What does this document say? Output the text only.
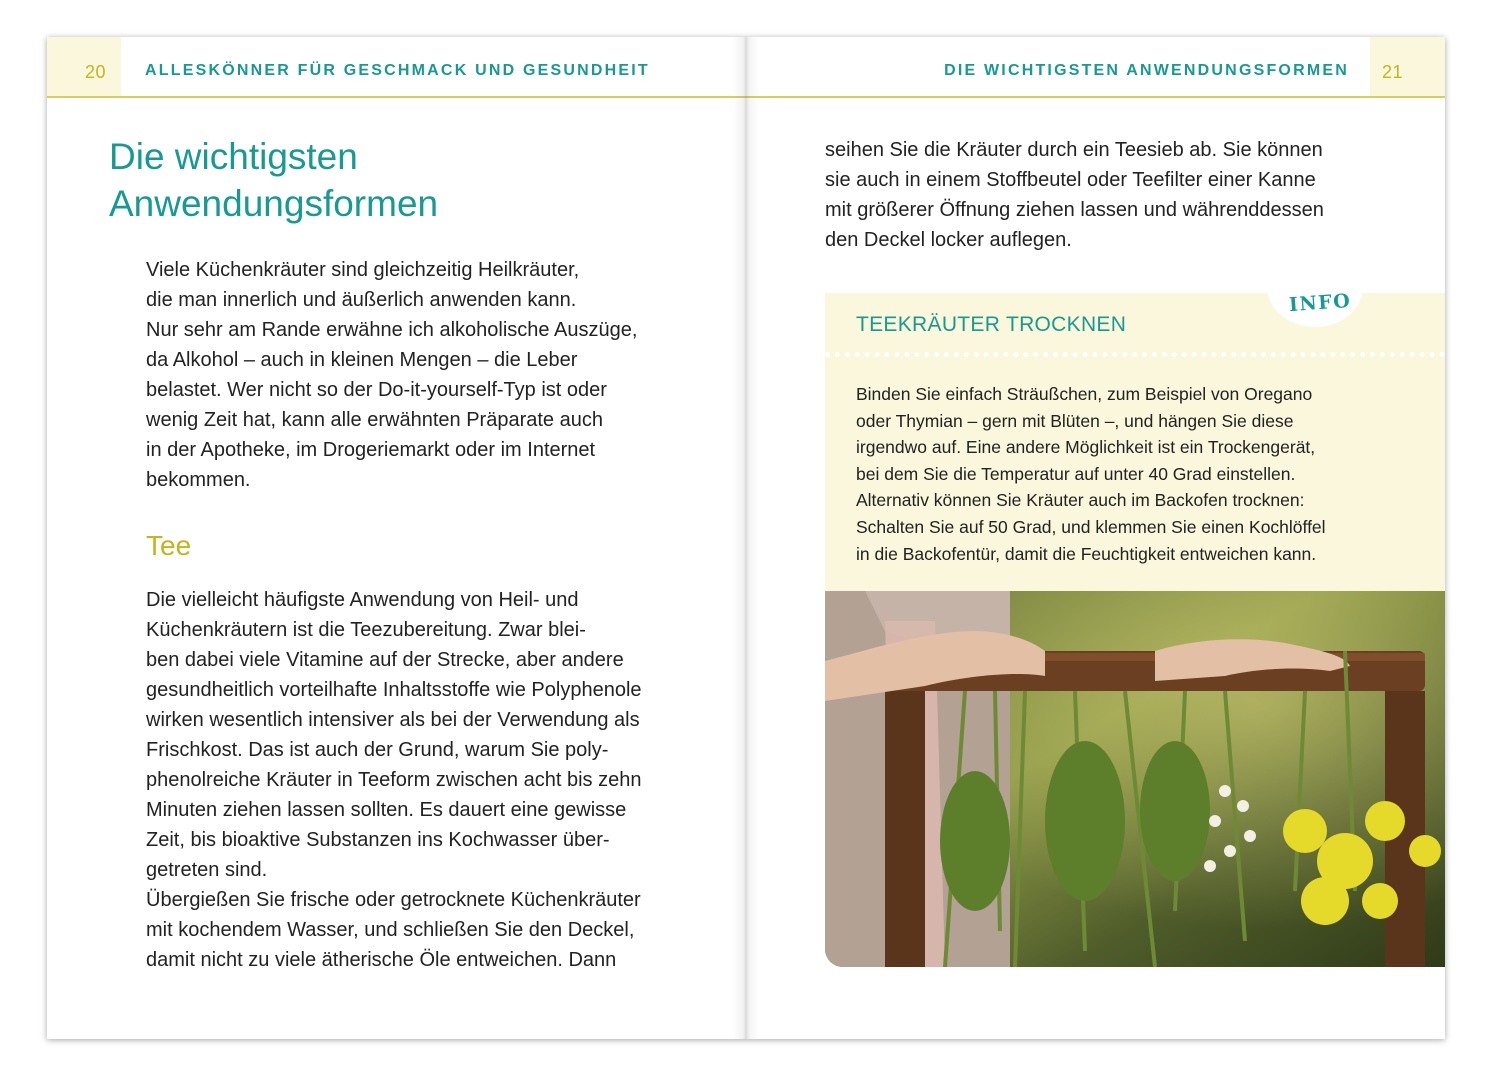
20 ALLESKÖNNER FÜR GESCHMACK UND GESUNDHEIT
Die wichtigsten
Anwendungsformen

Viele Küchenkräuter sind gleichzeitig Heilkräuter,
die man innerlich und äußerlich anwenden kann.
Nur sehr am Rande erwähne ich alkoholische Auszüge,
da Alkohol – auch in kleinen Mengen – die Leber
belastet. Wer nicht so der Do-it-yourself-Typ ist oder
wenig Zeit hat, kann alle erwähnten Präparate auch
in der Apotheke, im Drogeriemarkt oder im Internet
bekommen.

Tee

Die vielleicht häufigste Anwendung von Heil- und
Küchenkräutern ist die Teezubereitung. Zwar blei-
ben dabei viele Vitamine auf der Strecke, aber andere
gesundheitlich vorteilhafte Inhaltsstoffe wie Polyphenole
wirken wesentlich intensiver als bei der Verwendung als
Frischkost. Das ist auch der Grund, warum Sie poly-
phenolreiche Kräuter in Teeform zwischen acht bis zehn
Minuten ziehen lassen sollten. Es dauert eine gewisse
Zeit, bis bioaktive Substanzen ins Kochwasser über-
getreten sind.
Übergießen Sie frische oder getrocknete Küchenkräuter
mit kochendem Wasser, und schließen Sie den Deckel,
damit nicht zu viele ätherische Öle entweichen. Dann

DIE WICHTIGSTEN ANWENDUNGSFORMEN 21

seihen Sie die Kräuter durch ein Teesieb ab. Sie können
sie auch in einem Stoffbeutel oder Teefilter einer Kanne
mit größerer Öffnung ziehen lassen und währenddessen
den Deckel locker auflegen.

INFO
TEEKRÄUTER TROCKNEN

Binden Sie einfach Sträußchen, zum Beispiel von Oregano
oder Thymian – gern mit Blüten –, und hängen Sie diese
irgendwo auf. Eine andere Möglichkeit ist ein Trockengerät,
bei dem Sie die Temperatur auf unter 40 Grad einstellen.
Alternativ können Sie Kräuter auch im Backofen trocknen:
Schalten Sie auf 50 Grad, und klemmen Sie einen Kochlöffel
in die Backofentür, damit die Feuchtigkeit entweichen kann.
